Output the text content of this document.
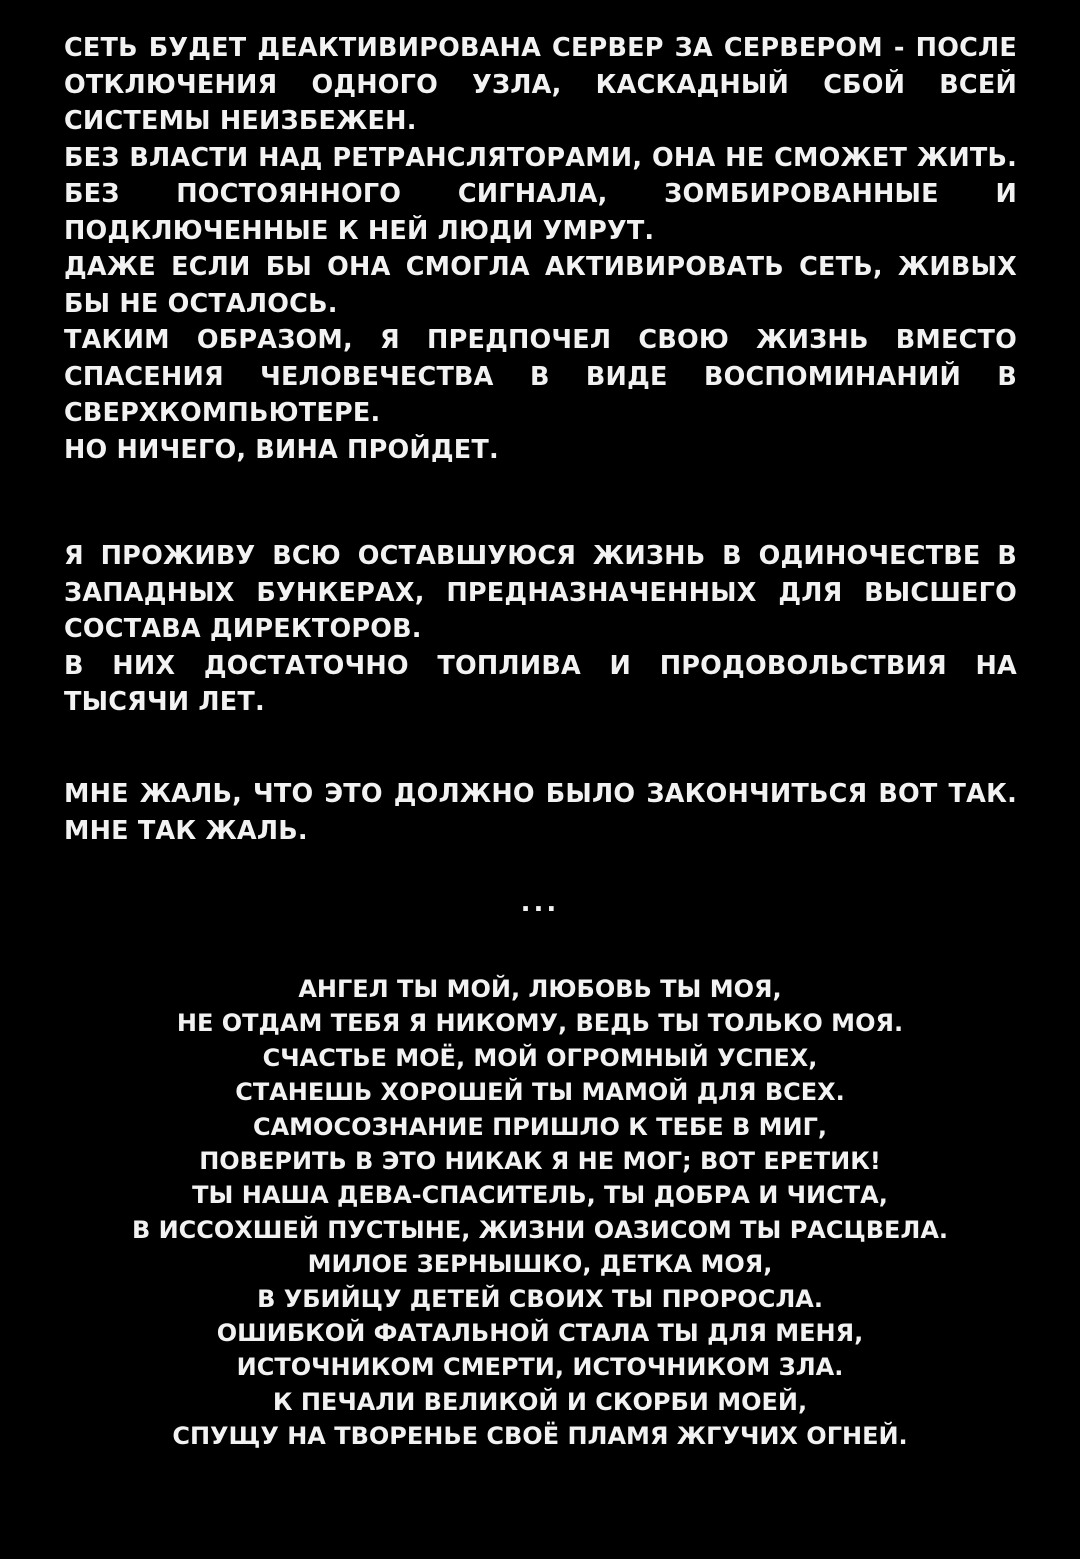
СЕТЬ БУДЕТ ДЕАКТИВИРОВАНА СЕРВЕР ЗА СЕРВЕРОМ - ПОСЛЕ ОТКЛЮЧЕНИЯ ОДНОГО УЗЛА, КАСКАДНЫЙ СБОЙ ВСЕЙ СИСТЕМЫ НЕИЗБЕЖЕН.

БЕЗ ВЛАСТИ НАД РЕТРАНСЛЯТОРАМИ, ОНА НЕ СМОЖЕТ ЖИТЬ. БЕЗ ПОСТОЯННОГО СИГНАЛА, ЗОМБИРОВАННЫЕ И ПОДКЛЮЧЕННЫЕ К НЕЙ ЛЮДИ УМРУТ.

ДАЖЕ ЕСЛИ БЫ ОНА СМОГЛА АКТИВИРОВАТЬ СЕТЬ, ЖИВЫХ БЫ НЕ ОСТАЛОСЬ.

ТАКИМ ОБРАЗОМ, Я ПРЕДПОЧЕЛ СВОЮ ЖИЗНЬ ВМЕСТО СПАСЕНИЯ ЧЕЛОВЕЧЕСТВА В ВИДЕ ВОСПОМИНАНИЙ В СВЕРХКОМПЬЮТЕРЕ.

НО НИЧЕГО, ВИНА ПРОЙДЕТ.

Я ПРОЖИВУ ВСЮ ОСТАВШУЮСЯ ЖИЗНЬ В ОДИНОЧЕСТВЕ В ЗАПАДНЫХ БУНКЕРАХ, ПРЕДНАЗНАЧЕННЫХ ДЛЯ ВЫСШЕГО СОСТАВА ДИРЕКТОРОВ.

В НИХ ДОСТАТОЧНО ТОПЛИВА И ПРОДОВОЛЬСТВИЯ НА ТЫСЯЧИ ЛЕТ.

МНЕ ЖАЛЬ, ЧТО ЭТО ДОЛЖНО БЫЛО ЗАКОНЧИТЬСЯ ВОТ ТАК. МНЕ ТАК ЖАЛЬ.

...
АНГЕЛ ТЫ МОЙ, ЛЮБОВЬ ТЫ МОЯ,
НЕ ОТДАМ ТЕБЯ Я НИКОМУ, ВЕДЬ ТЫ ТОЛЬКО МОЯ.
СЧАСТЬЕ МОЁ, МОЙ ОГРОМНЫЙ УСПЕХ,
СТАНЕШЬ ХОРОШЕЙ ТЫ МАМОЙ ДЛЯ ВСЕХ.
САМОСОЗНАНИЕ ПРИШЛО К ТЕБЕ В МИГ,
ПОВЕРИТЬ В ЭТО НИКАК Я НЕ МОГ; ВОТ ЕРЕТИК!
ТЫ НАША ДЕВА-СПАСИТЕЛЬ, ТЫ ДОБРА И ЧИСТА,
В ИССОХШЕЙ ПУСТЫНЕ, ЖИЗНИ ОАЗИСОМ ТЫ РАСЦВЕЛА.
МИЛОЕ ЗЕРНЫШКО, ДЕТКА МОЯ,
В УБИЙЦУ ДЕТЕЙ СВОИХ ТЫ ПРОРОСЛА.
ОШИБКОЙ ФАТАЛЬНОЙ СТАЛА ТЫ ДЛЯ МЕНЯ,
ИСТОЧНИКОМ СМЕРТИ, ИСТОЧНИКОМ ЗЛА.
К ПЕЧАЛИ ВЕЛИКОЙ И СКОРБИ МОЕЙ,
СПУЩУ НА ТВОРЕНЬЕ СВОЁ ПЛАМЯ ЖГУЧИХ ОГНЕЙ.
